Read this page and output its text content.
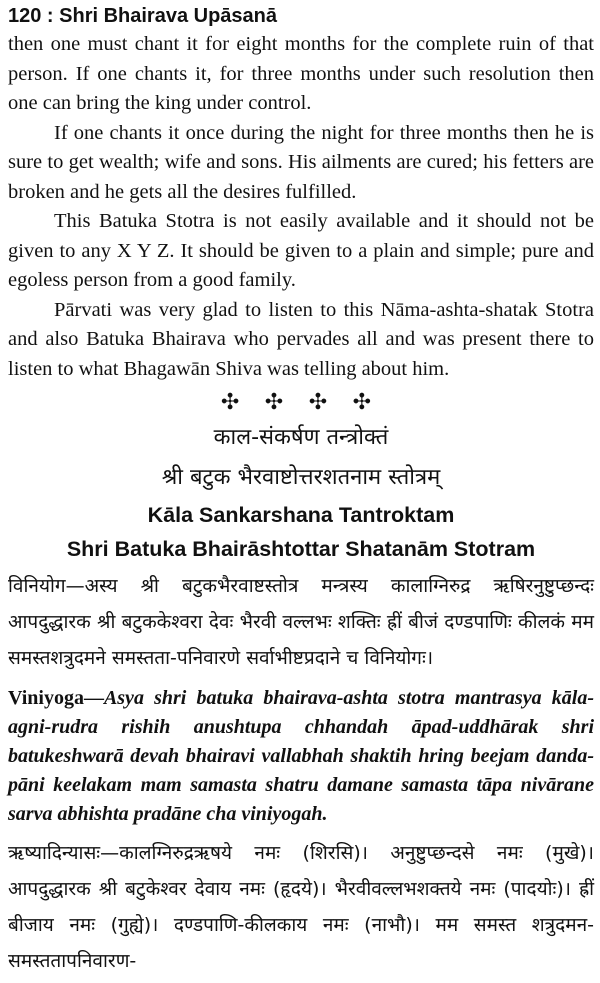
120 : Shri Bhairava Upāsanā

then one must chant it for eight months for the complete ruin of that person. If one chants it, for three months under such resolution then one can bring the king under control.

If one chants it once during the night for three months then he is sure to get wealth; wife and sons. His ailments are cured; his fetters are broken and he gets all the desires fulfilled.

This Batuka Stotra is not easily available and it should not be given to any X Y Z. It should be given to a plain and simple; pure and egoless person from a good family.

Pārvati was very glad to listen to this Nāma-ashta-shatak Stotra and also Batuka Bhairava who pervades all and was present there to listen to what Bhagawān Shiva was telling about him.

✣ ✣ ✣ ✣

काल-संकर्षण तन्त्रोक्तं

श्री बटुक भैरवाष्टोत्तरशतनाम स्तोत्रम्

Kāla Sankarshana Tantroktam

Shri Batuka Bhairāshtottar Shatanām Stotram

विनियोग—अस्य श्री बटुकभैरवाष्टस्तोत्र मन्त्रस्य कालाग्निरुद्र ऋषिरनुष्टुप्छन्दः आपदुद्धारक श्री बटुककेश्वरा देवः भैरवी वल्लभः शक्तिः ह्रीं बीजं दण्डपाणिः कीलकं मम समस्तशत्रुदमने समस्तता-पनिवारणे सर्वाभीष्टप्रदाने च विनियोगः।

Viniyoga—Asya shri batuka bhairava-ashta stotra mantrasya kāla-agni-rudra rishih anushtupa chhandah āpad-uddhārak shri batukeshwarā devah bhairavi vallabhah shaktih hring beejam danda-pāni keelakam mam samasta shatru damane samasta tāpa nivārane sarva abhishta pradāne cha viniyogah.

ऋष्यादिन्यासः—कालग्निरुद्रऋषये नमः (शिरसि)। अनुष्टुप्छन्दसे नमः (मुखे)। आपदुद्धारक श्री बटुकेश्वर देवाय नमः (हृदये)। भैरवीवल्लभशक्तये नमः (पादयोः)। ह्रीं बीजाय नमः (गुह्ये)। दण्डपाणि-कीलकाय नमः (नाभौ)। मम समस्त शत्रुदमन-समस्ततापनिवारण-
